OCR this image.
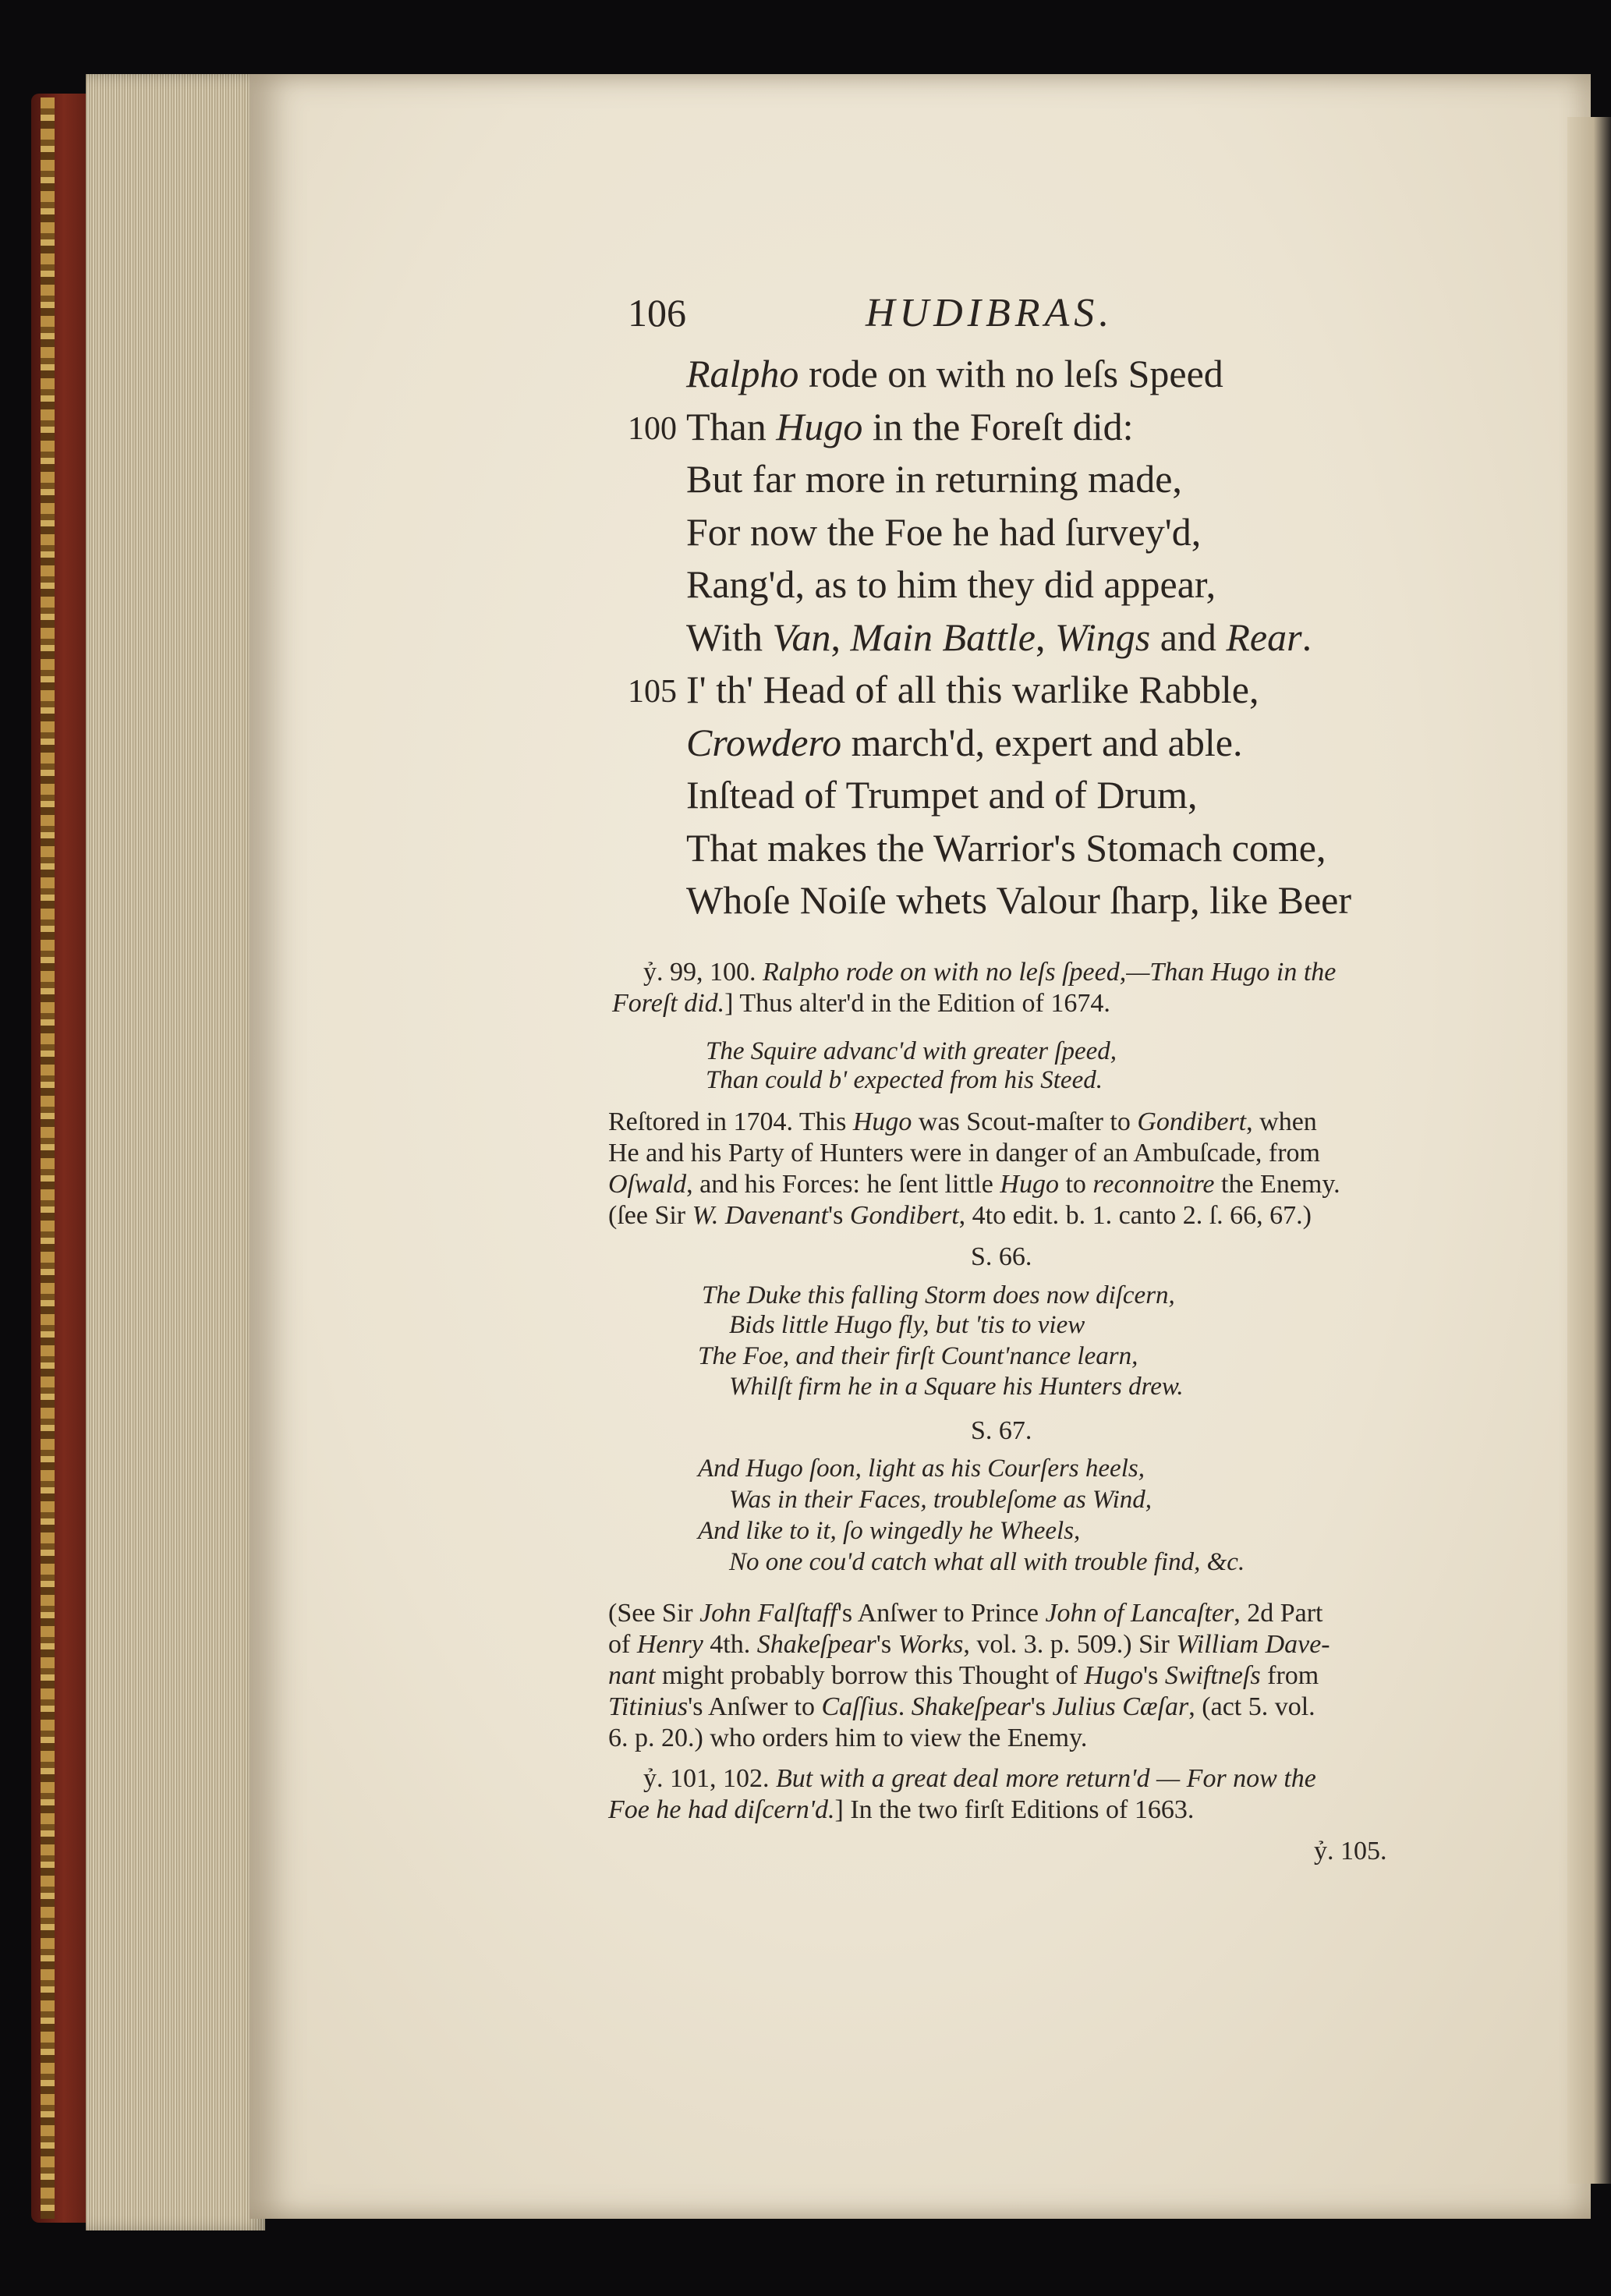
106	HUDIBRAS.
Ralpho rode on with no leſs Speed
100 Than Hugo in the Foreſt did:
But far more in returning made,
For now the Foe he had ſurvey'd,
Rang'd, as to him they did appear,
With Van, Main Battle, Wings and Rear.
105 I' th' Head of all this warlike Rabble,
Crowdero march'd, expert and able.
Inſtead of Trumpet and of Drum,
That makes the Warrior's Stomach come,
Whoſe Noiſe whets Valour ſharp, like Beer
ỷ. 99, 100. Ralpho rode on with no leſs ſpeed,—Than Hugo in the
Foreſt did.] Thus alter'd in the Edition of 1674.
The Squire advanc'd with greater ſpeed,
Than could b' expected from his Steed.
Reſtored in 1704. This Hugo was Scout-maſter to Gondibert, when
He and his Party of Hunters were in danger of an Ambuſcade, from
Oſwald, and his Forces: he ſent little Hugo to reconnoitre the Enemy.
(ſee Sir W. Davenant's Gondibert, 4to edit. b. 1. canto 2. ſ. 66, 67.)
S. 66.
The Duke this falling Storm does now diſcern,
Bids little Hugo fly, but 'tis to view
The Foe, and their firſt Count'nance learn,
Whilſt firm he in a Square his Hunters drew.
S. 67.
And Hugo ſoon, light as his Courſers heels,
Was in their Faces, troubleſome as Wind,
And like to it, ſo wingedly he Wheels,
No one cou'd catch what all with trouble find, &c.
(See Sir John Falſtaff's Anſwer to Prince John of Lancaſter, 2d Part
of Henry 4th. Shakeſpear's Works, vol. 3. p. 509.) Sir William Dave-
nant might probably borrow this Thought of Hugo's Swiftneſs from
Titinius's Anſwer to Caſſius. Shakeſpear's Julius Cæſar, (act 5. vol.
6. p. 20.) who orders him to view the Enemy.
ỷ. 101, 102. But with a great deal more return'd — For now the
Foe he had diſcern'd.] In the two firſt Editions of 1663.
ỷ. 105.
